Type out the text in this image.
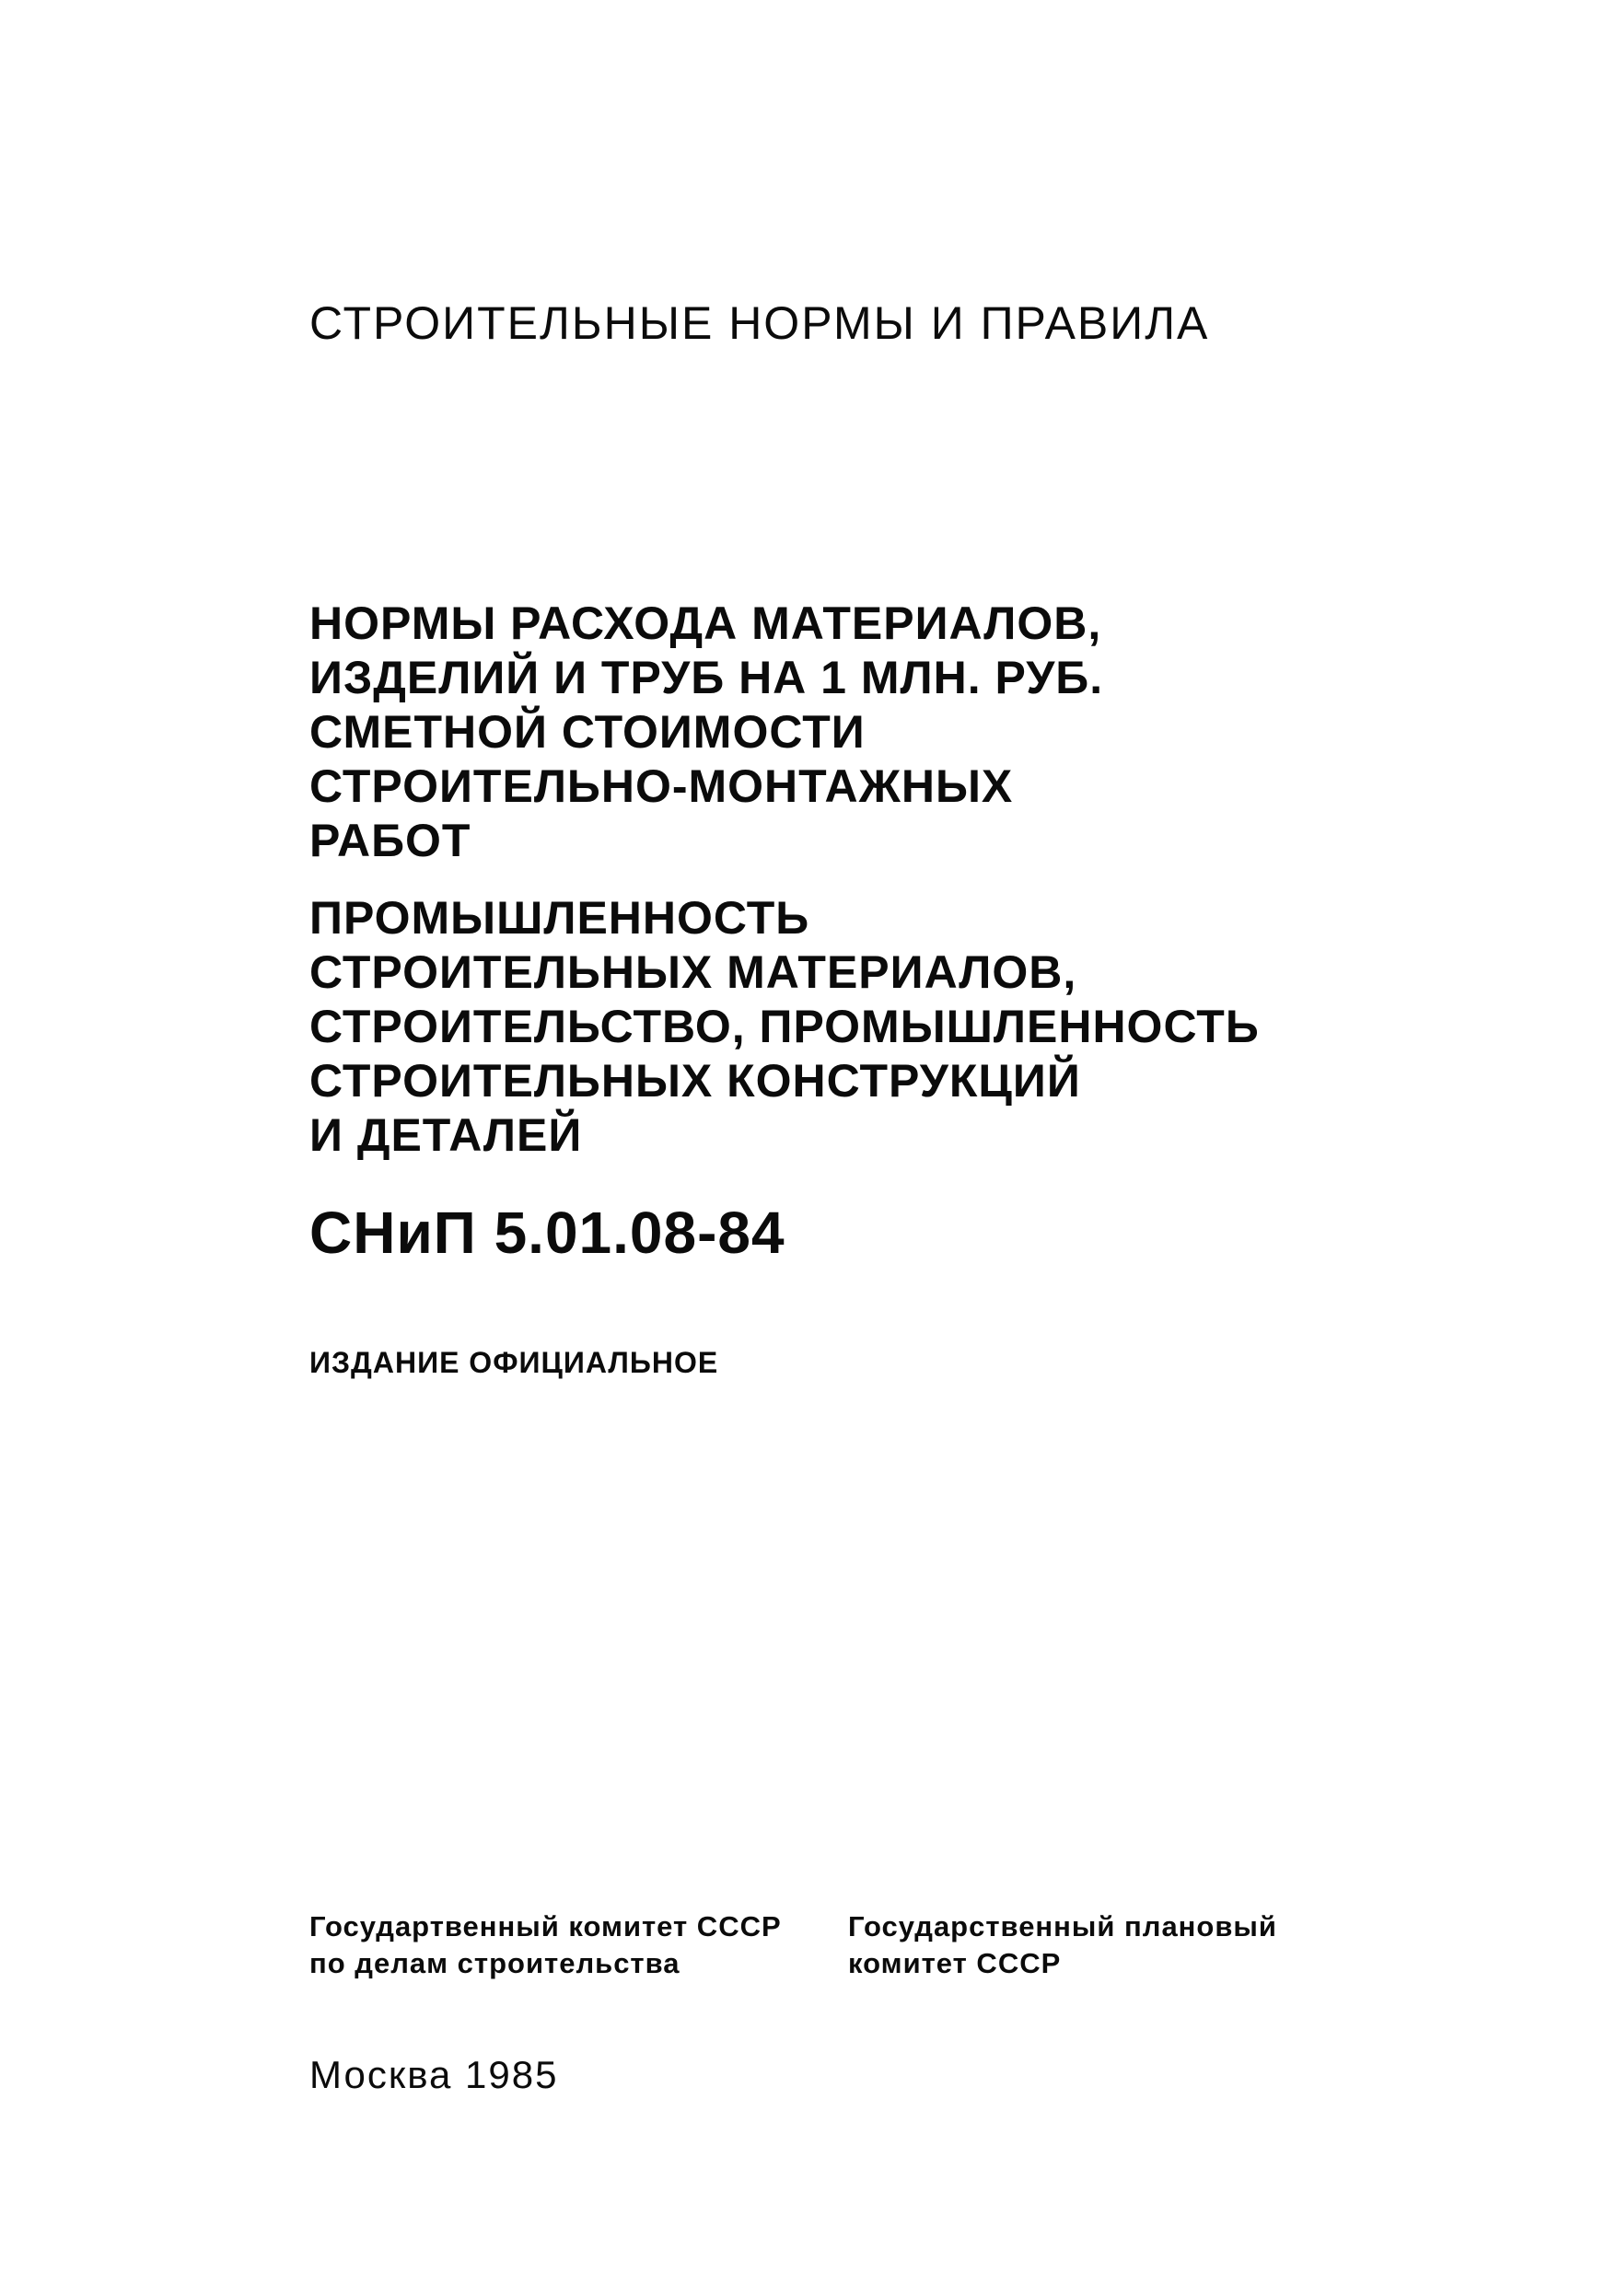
СТРОИТЕЛЬНЫЕ НОРМЫ И ПРАВИЛА
НОРМЫ РАСХОДА МАТЕРИАЛОВ,
ИЗДЕЛИЙ И ТРУБ НА 1 МЛН. РУБ.
СМЕТНОЙ СТОИМОСТИ
СТРОИТЕЛЬНО-МОНТАЖНЫХ
РАБОТ
ПРОМЫШЛЕННОСТЬ
СТРОИТЕЛЬНЫХ МАТЕРИАЛОВ,
СТРОИТЕЛЬСТВО, ПРОМЫШЛЕННОСТЬ
СТРОИТЕЛЬНЫХ КОНСТРУКЦИЙ
И ДЕТАЛЕЙ
СНиП 5.01.08-84
ИЗДАНИЕ ОФИЦИАЛЬНОЕ
Государтвенный комитет СССР
по делам строительства
Государственный плановый
комитет СССР
Москва 1985
